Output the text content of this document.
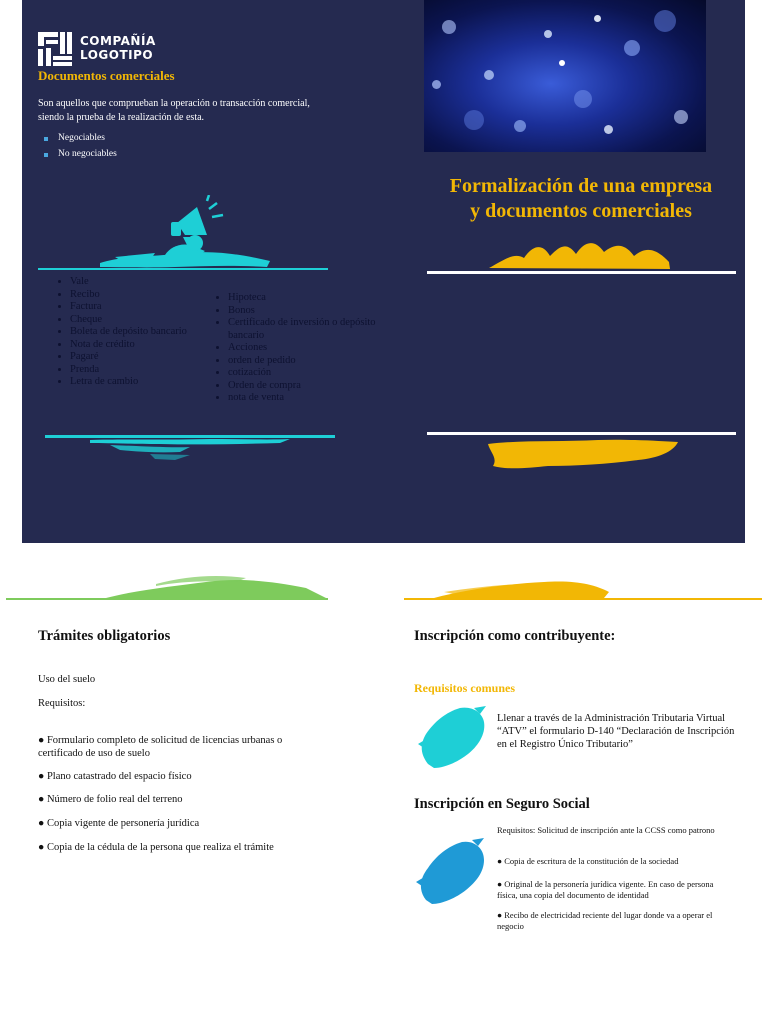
COMPAÑÍA
LOGOTIPO
Documentos comerciales
Son aquellos que comprueban la operación o transacción comercial, siendo la prueba de la realización de esta.
Negociables
No negociables
• Vale
• Recibo
• Factura
• Cheque
• Boleta de depósito bancario
• Nota de crédito
• Pagaré
• Prenda
• Letra de cambio
• Hipoteca
• Bonos
• Certificado de inversión o depósito bancario
• Acciones
• orden de pedido
• cotización
• Orden de compra
• nota de venta
Formalización de una empresa
y documentos comerciales
Trámites obligatorios
Uso del suelo
Requisitos:
● Formulario completo de solicitud de licencias urbanas o certificado de uso de suelo
● Plano catastrado del espacio físico
● Número de folio real del terreno
● Copia vigente de personería jurídica
● Copia de la cédula de la persona que realiza el trámite
Inscripción como contribuyente:
Requisitos comunes
Llenar a través de la Administración Tributaria Virtual “ATV” el formulario D-140 “Declaración de Inscripción en el Registro Único Tributario”
Inscripción en Seguro Social
Requisitos: Solicitud de inscripción ante la CCSS como patrono
● Copia de escritura de la constitución de la sociedad
● Original de la personería jurídica vigente. En caso de persona física, una copia del documento de identidad
● Recibo de electricidad reciente del lugar donde va a operar el negocio
